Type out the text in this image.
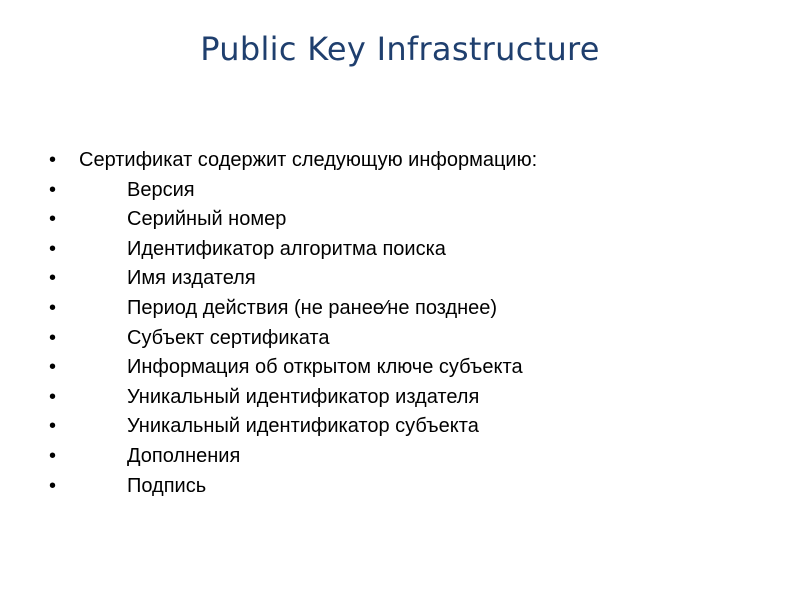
Public Key Infrastructure
•	Сертификат содержит следующую информацию:
•	Версия
•	Серийный номер
•	Идентификатор алгоритма поиска
•	Имя издателя
•	Период действия (не ранее⁄не позднее)
•	Субъект сертификата
•	Информация об открытом ключе субъекта
•	Уникальный идентификатор издателя
•	Уникальный идентификатор субъекта
•	Дополнения
•	Подпись
